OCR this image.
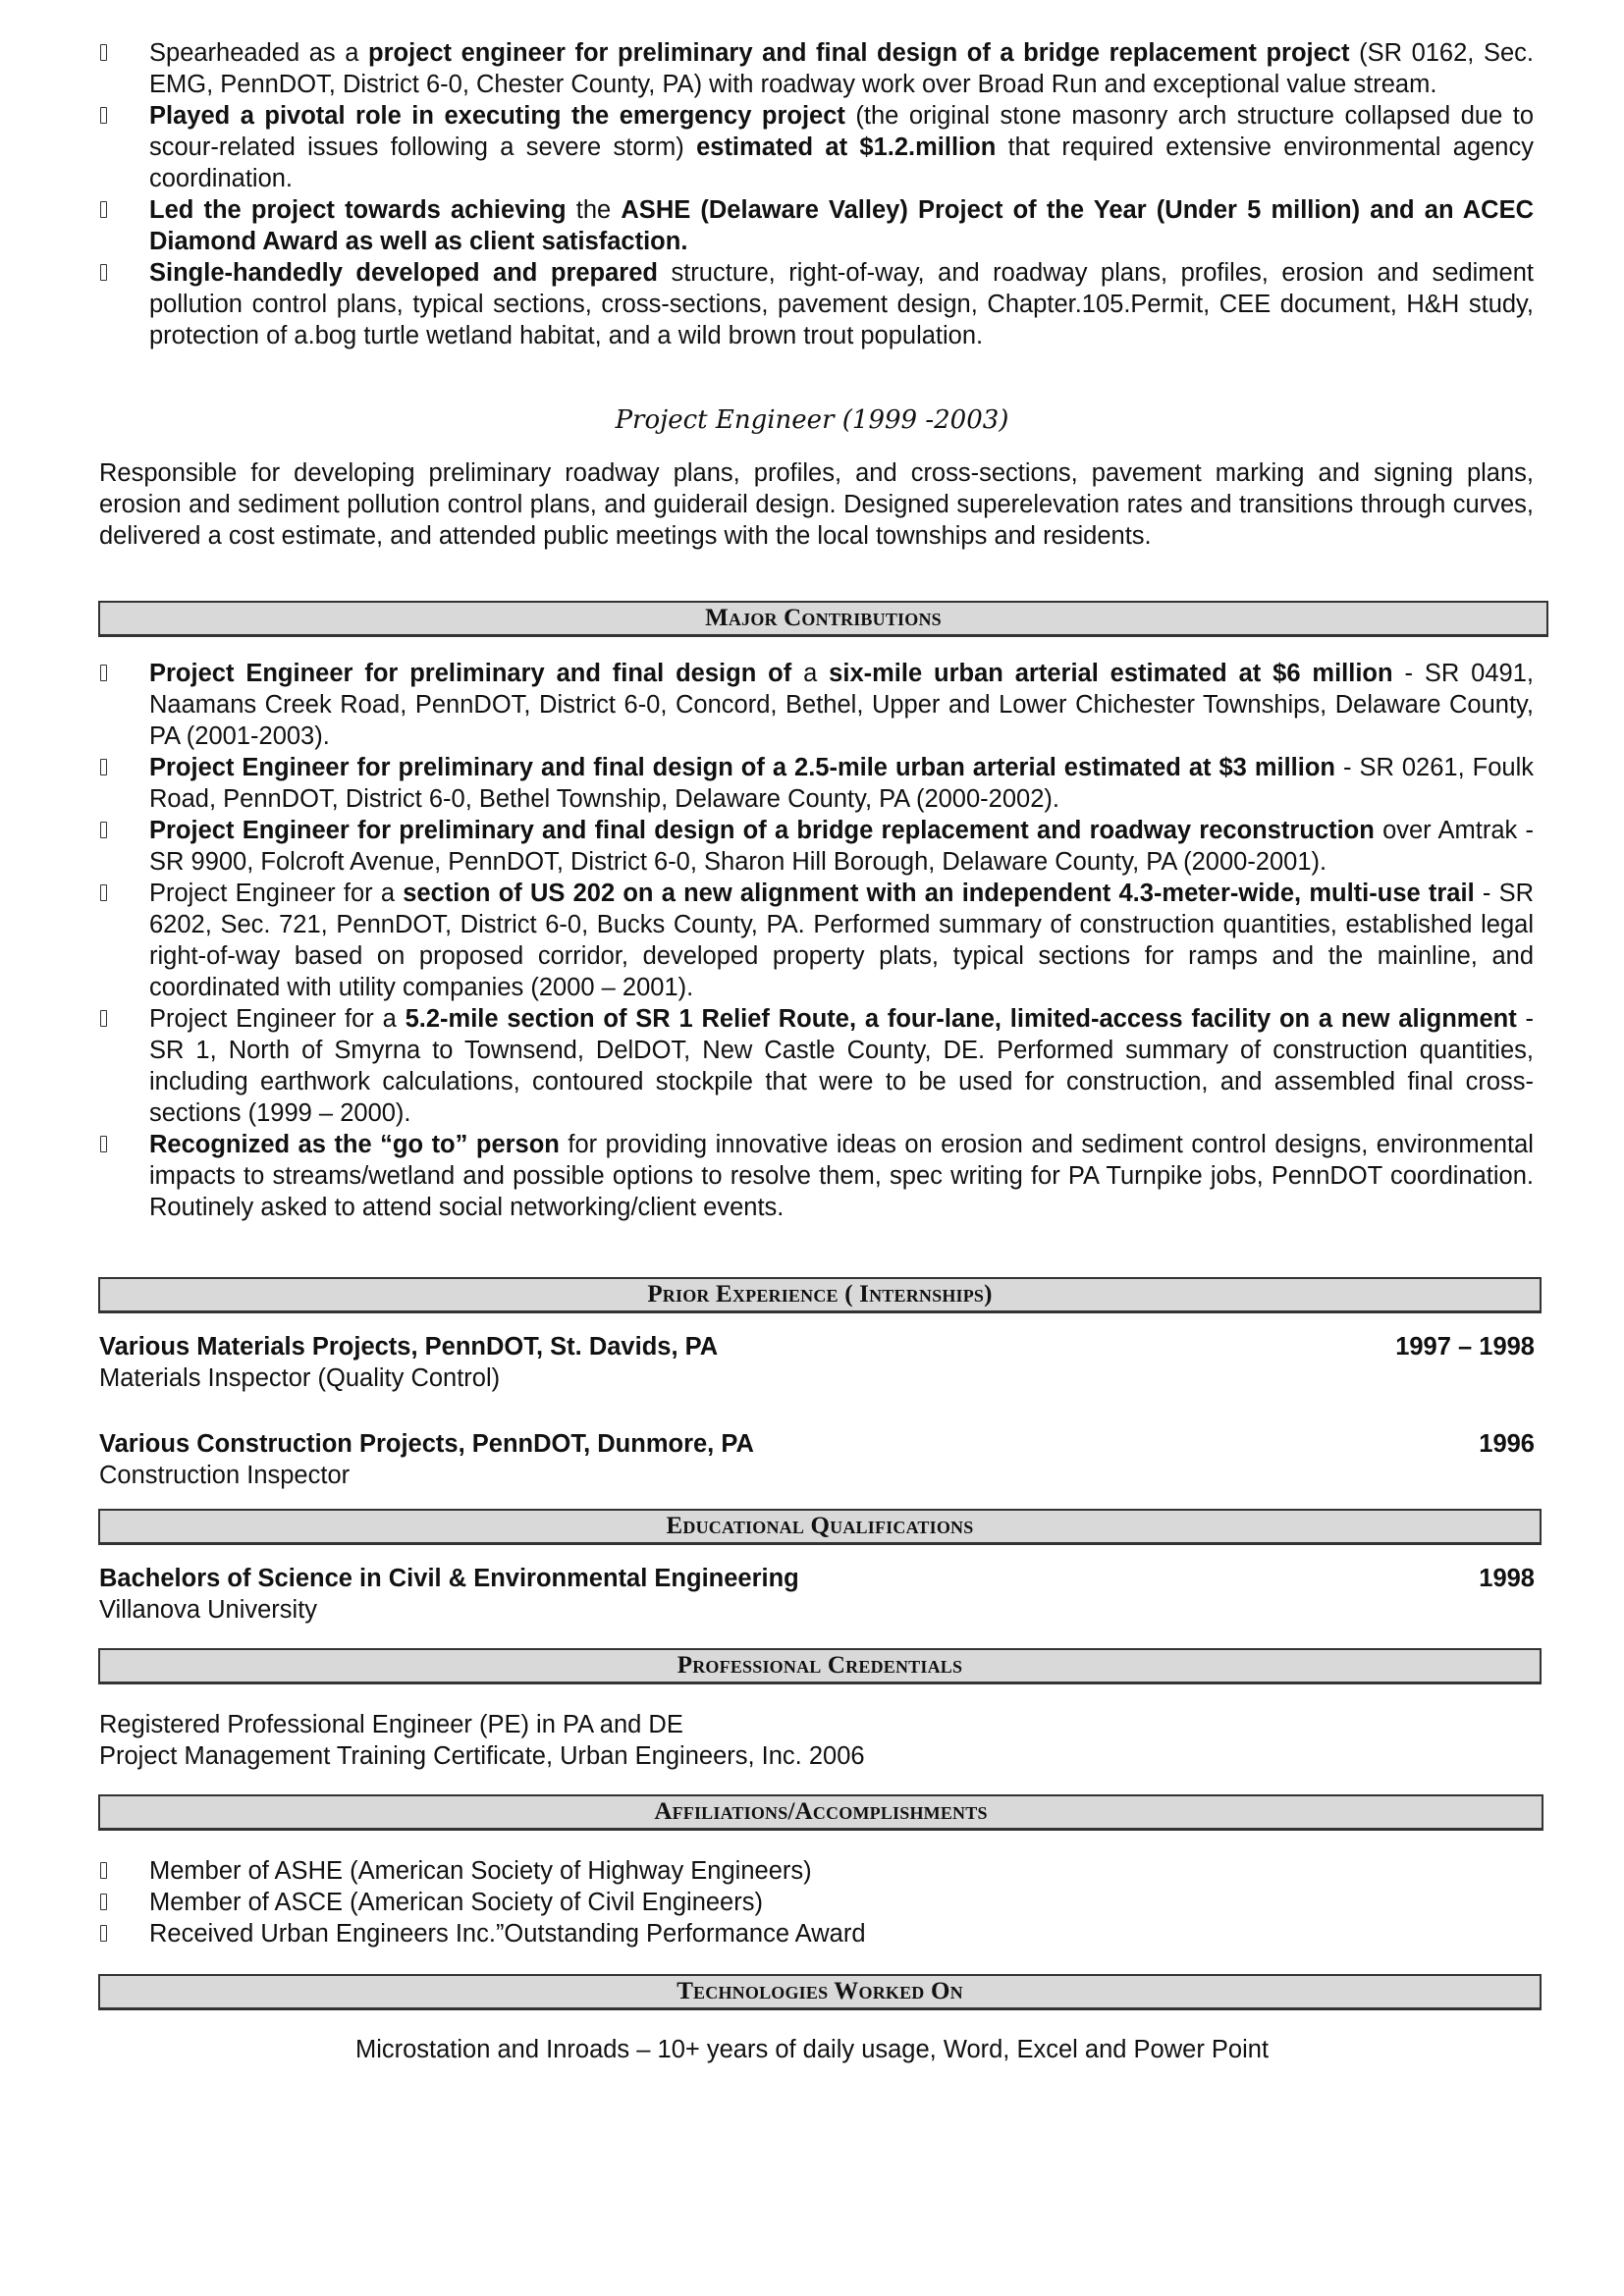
Spearheaded as a project engineer for preliminary and final design of a bridge replacement project (SR 0162, Sec. EMG, PennDOT, District 6-0, Chester County, PA) with roadway work over Broad Run and exceptional value stream.
Played a pivotal role in executing the emergency project (the original stone masonry arch structure collapsed due to scour-related issues following a severe storm) estimated at $1.2.million that required extensive environmental agency coordination.
Led the project towards achieving the ASHE (Delaware Valley) Project of the Year (Under 5 million) and an ACEC Diamond Award as well as client satisfaction.
Single-handedly developed and prepared structure, right-of-way, and roadway plans, profiles, erosion and sediment pollution control plans, typical sections, cross-sections, pavement design, Chapter.105.Permit, CEE document, H&H study, protection of a.bog turtle wetland habitat, and a wild brown trout population.
Project Engineer (1999 -2003)
Responsible for developing preliminary roadway plans, profiles, and cross-sections, pavement marking and signing plans, erosion and sediment pollution control plans, and guiderail design. Designed superelevation rates and transitions through curves, delivered a cost estimate, and attended public meetings with the local townships and residents.
Major Contributions
Project Engineer for preliminary and final design of a six-mile urban arterial estimated at $6 million - SR 0491, Naamans Creek Road, PennDOT, District 6-0, Concord, Bethel, Upper and Lower Chichester Townships, Delaware County, PA (2001-2003).
Project Engineer for preliminary and final design of a 2.5-mile urban arterial estimated at $3 million - SR 0261, Foulk Road, PennDOT, District 6-0, Bethel Township, Delaware County, PA (2000-2002).
Project Engineer for preliminary and final design of a bridge replacement and roadway reconstruction over Amtrak - SR 9900, Folcroft Avenue, PennDOT, District 6-0, Sharon Hill Borough, Delaware County, PA (2000-2001).
Project Engineer for a section of US 202 on a new alignment with an independent 4.3-meter-wide, multi-use trail - SR 6202, Sec. 721, PennDOT, District 6-0, Bucks County, PA. Performed summary of construction quantities, established legal right-of-way based on proposed corridor, developed property plats, typical sections for ramps and the mainline, and coordinated with utility companies (2000 – 2001).
Project Engineer for a 5.2-mile section of SR 1 Relief Route, a four-lane, limited-access facility on a new alignment - SR 1, North of Smyrna to Townsend, DelDOT, New Castle County, DE. Performed summary of construction quantities, including earthwork calculations, contoured stockpile that were to be used for construction, and assembled final cross-sections (1999 – 2000).
Recognized as the “go to” person for providing innovative ideas on erosion and sediment control designs, environmental impacts to streams/wetland and possible options to resolve them, spec writing for PA Turnpike jobs, PennDOT coordination. Routinely asked to attend social networking/client events.
Prior Experience ( Internships)
Various Materials Projects, PennDOT, St. Davids, PA	1997 – 1998
Materials Inspector (Quality Control)
Various Construction Projects, PennDOT, Dunmore, PA	1996
Construction Inspector
Educational Qualifications
Bachelors of Science in Civil & Environmental Engineering	1998
Villanova University
Professional Credentials
Registered Professional Engineer (PE) in PA and DE
Project Management Training Certificate, Urban Engineers, Inc. 2006
Affiliations/Accomplishments
Member of ASHE (American Society of Highway Engineers)
Member of ASCE (American Society of Civil Engineers)
Received Urban Engineers Inc.”Outstanding Performance Award
Technologies Worked On
Microstation and Inroads – 10+ years of daily usage, Word, Excel and Power Point
